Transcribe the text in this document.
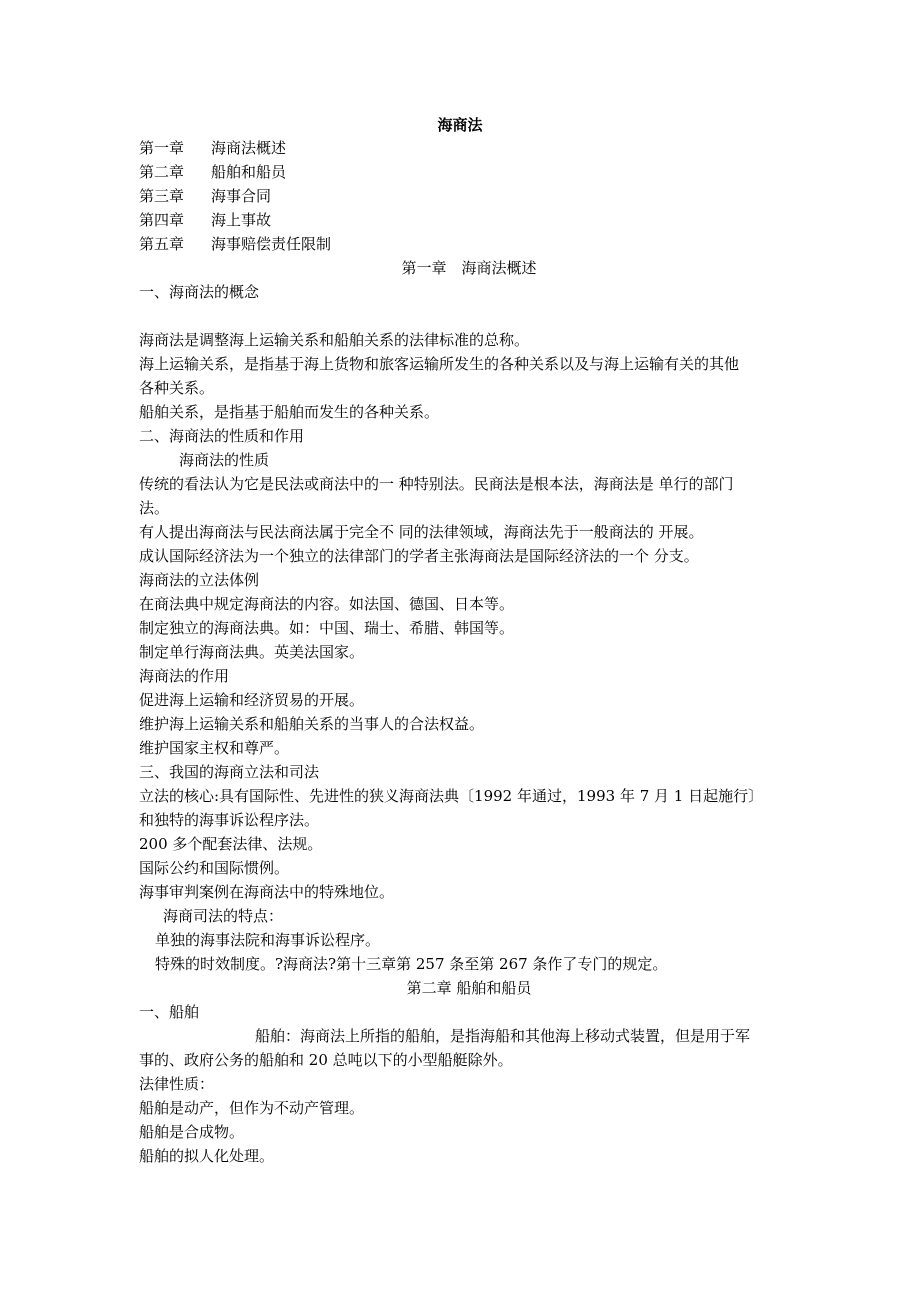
海商法
第一章 海商法概述
第二章 船舶和船员
第三章 海事合同
第四章 海上事故
第五章 海事赔偿责任限制
第一章　海商法概述
一、海商法的概念
海商法是调整海上运输关系和船舶关系的法律标准的总称。
海上运输关系，是指基于海上货物和旅客运输所发生的各种关系以及与海上运输有关的其他
各种关系。
船舶关系，是指基于船舶而发生的各种关系。
二、海商法的性质和作用
海商法的性质
传统的看法认为它是民法或商法中的一 种特别法。民商法是根本法，海商法是 单行的部门
法。
有人提出海商法与民法商法属于完全不 同的法律领域，海商法先于一般商法的 开展。
成认国际经济法为一个独立的法律部门的学者主张海商法是国际经济法的一个 分支。
海商法的立法体例
在商法典中规定海商法的内容。如法国、德国、日本等。
制定独立的海商法典。如：中国、瑞士、希腊、韩国等。
制定单行海商法典。英美法国家。
海商法的作用
促进海上运输和经济贸易的开展。
维护海上运输关系和船舶关系的当事人的合法权益。
维护国家主权和尊严。
三、我国的海商立法和司法
立法的核心:具有国际性、先进性的狭义海商法典〔1992 年通过，1993 年 7 月 1 日起施行〕
和独特的海事诉讼程序法。
200 多个配套法律、法规。
国际公约和国际惯例。
海事审判案例在海商法中的特殊地位。
海商司法的特点：
单独的海事法院和海事诉讼程序。
特殊的时效制度。?海商法?第十三章第 257 条至第 267 条作了专门的规定。
第二章 船舶和船员
一、船舶
船舶：海商法上所指的船舶，是指海船和其他海上移动式装置，但是用于军
事的、政府公务的船舶和 20 总吨以下的小型船艇除外。
法律性质：
船舶是动产，但作为不动产管理。
船舶是合成物。
船舶的拟人化处理。
